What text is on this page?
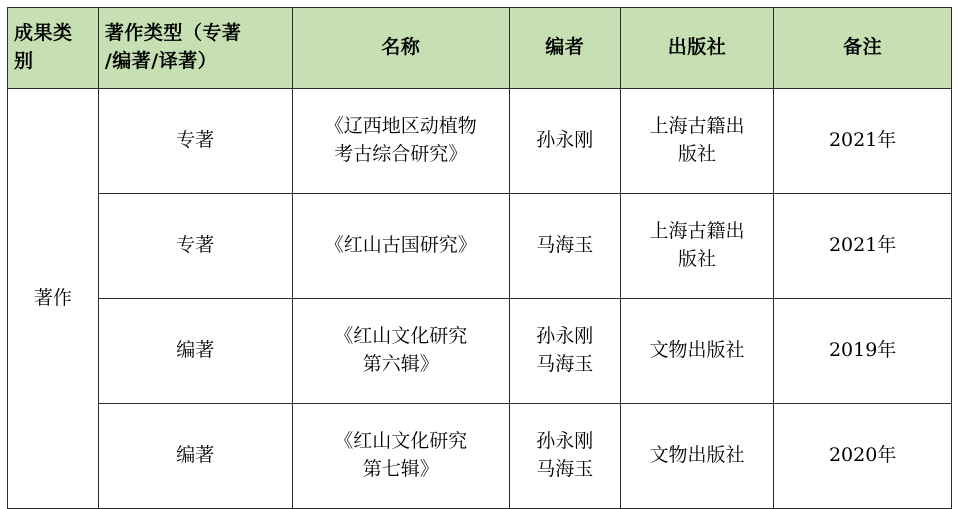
成果类
别	著作类型（专著
/编著/译著）	名称	编者	出版社	备注

著作	专著	《辽西地区动植物
考古综合研究》	孙永刚	上海古籍出
版社	2021年

	专著	《红山古国研究》	马海玉	上海古籍出
版社	2021年

	编著	《红山文化研究
第六辑》	孙永刚
马海玉	文物出版社	2019年

	编著	《红山文化研究
第七辑》	孙永刚
马海玉	文物出版社	2020年
